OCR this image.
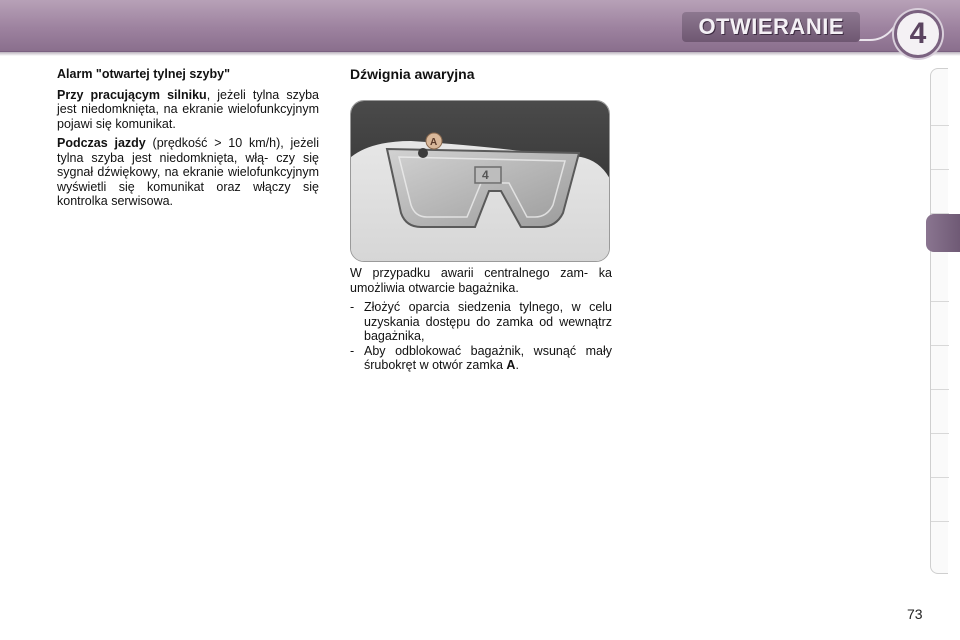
OTWIERANIE	4
Alarm "otwartej tylnej szyby"

Przy pracującym silniku, jeżeli tylna szyba jest niedomknięta, na ekranie wielofunkcyjnym pojawi się komunikat.

Podczas jazdy (prędkość > 10 km/h), jeżeli tylna szyba jest niedomknięta, włą- czy się sygnał dźwiękowy, na ekranie wielofunkcyjnym wyświetli się komunikat oraz włączy się kontrolka serwisowa.

Dźwignia awaryjna
4
A

W przypadku awarii centralnego zam- ka umożliwia otwarcie bagażnika.

- Złożyć oparcia siedzenia tylnego, w celu uzyskania dostępu do zamka od wewnątrz bagażnika,
- Aby odblokować bagażnik, wsunąć mały śrubokręt w otwór zamka A.
73
